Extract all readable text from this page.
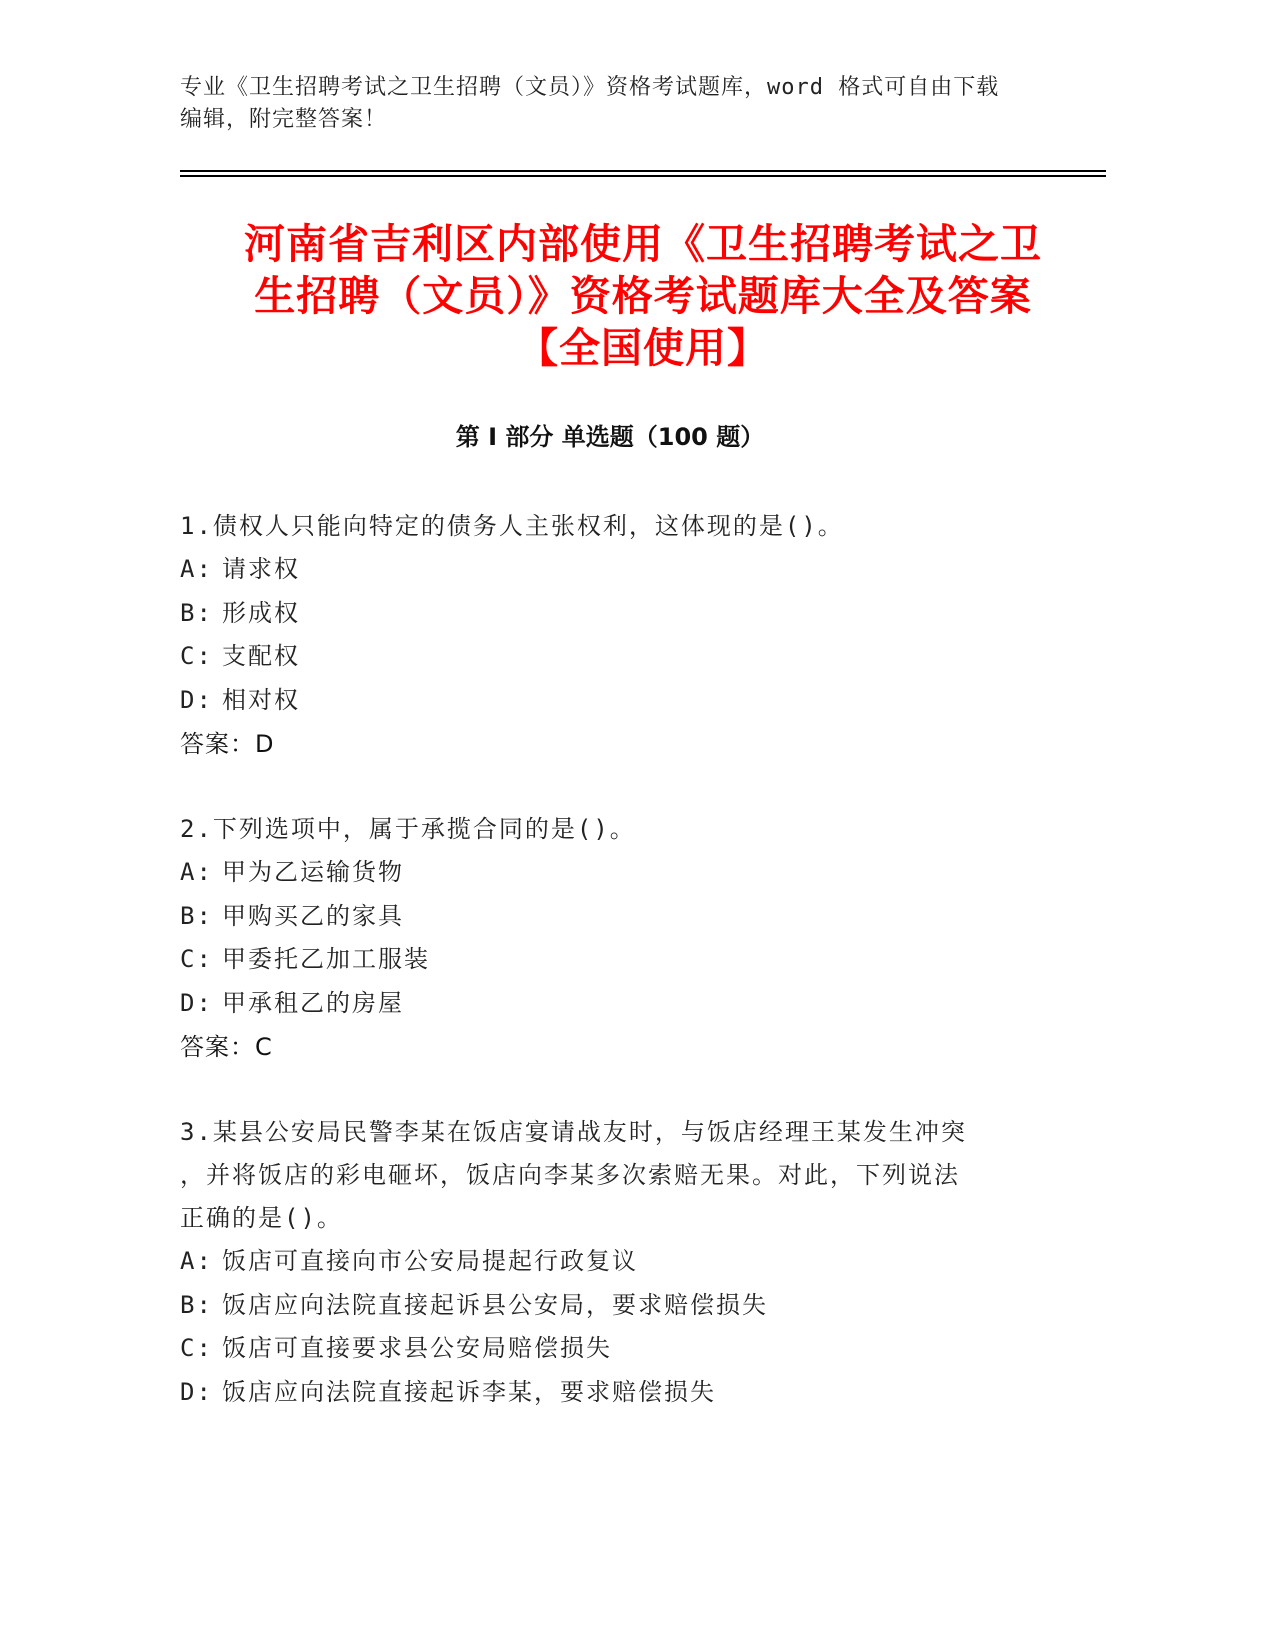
专业《卫生招聘考试之卫生招聘（文员）》资格考试题库，word 格式可自由下载
编辑，附完整答案！
河南省吉利区内部使用《卫生招聘考试之卫
生招聘（文员）》资格考试题库大全及答案
【全国使用】
第 I 部分 单选题（100 题）

1.债权人只能向特定的债务人主张权利，这体现的是()。

A: 请求权

B: 形成权

C: 支配权

D: 相对权

答案：D

2.下列选项中，属于承揽合同的是()。

A: 甲为乙运输货物

B: 甲购买乙的家具

C: 甲委托乙加工服装

D: 甲承租乙的房屋

答案：C

3.某县公安局民警李某在饭店宴请战友时，与饭店经理王某发生冲突

，并将饭店的彩电砸坏，饭店向李某多次索赔无果。对此，下列说法

正确的是()。

A: 饭店可直接向市公安局提起行政复议

B: 饭店应向法院直接起诉县公安局，要求赔偿损失

C: 饭店可直接要求县公安局赔偿损失

D: 饭店应向法院直接起诉李某，要求赔偿损失
